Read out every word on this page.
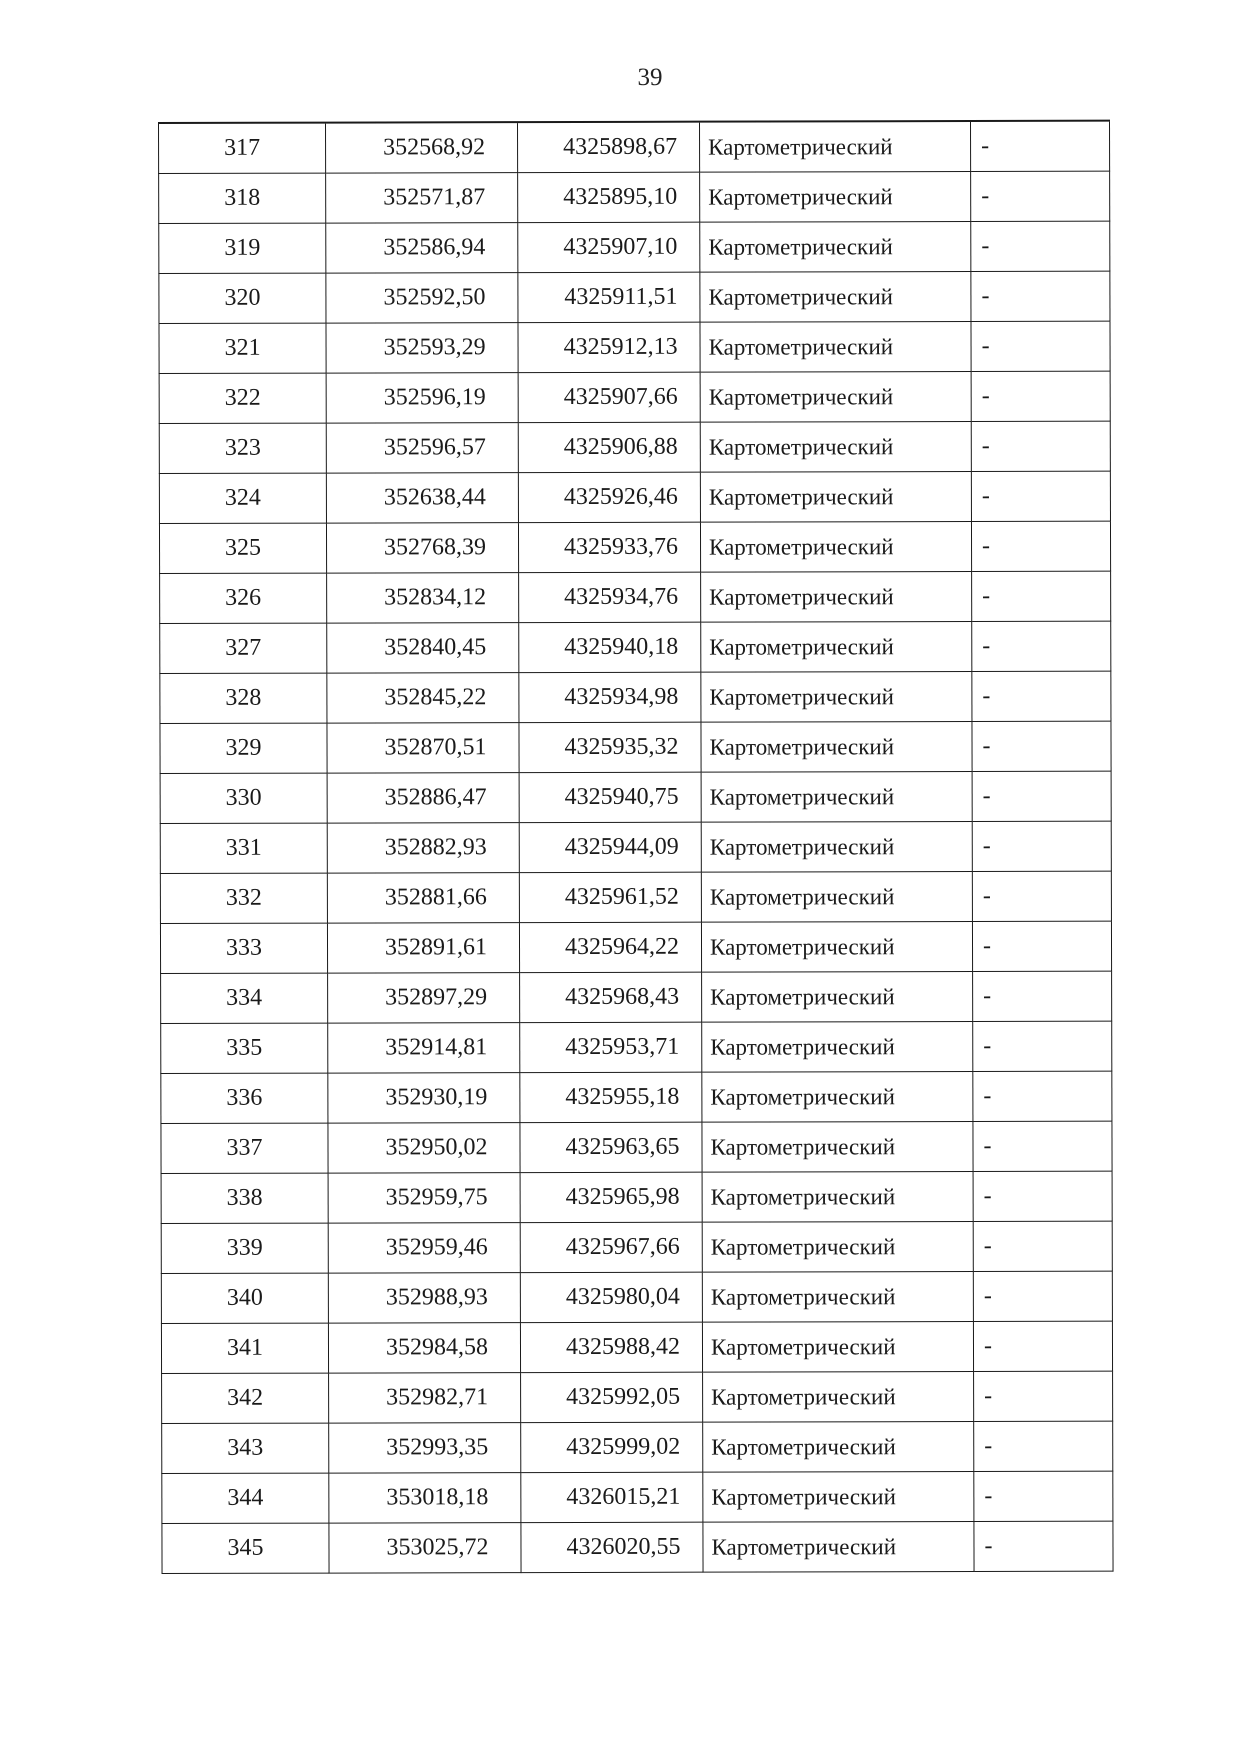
39
317	352568,92	4325898,67	Картометрический	-
318	352571,87	4325895,10	Картометрический	-
319	352586,94	4325907,10	Картометрический	-
320	352592,50	4325911,51	Картометрический	-
321	352593,29	4325912,13	Картометрический	-
322	352596,19	4325907,66	Картометрический	-
323	352596,57	4325906,88	Картометрический	-
324	352638,44	4325926,46	Картометрический	-
325	352768,39	4325933,76	Картометрический	-
326	352834,12	4325934,76	Картометрический	-
327	352840,45	4325940,18	Картометрический	-
328	352845,22	4325934,98	Картометрический	-
329	352870,51	4325935,32	Картометрический	-
330	352886,47	4325940,75	Картометрический	-
331	352882,93	4325944,09	Картометрический	-
332	352881,66	4325961,52	Картометрический	-
333	352891,61	4325964,22	Картометрический	-
334	352897,29	4325968,43	Картометрический	-
335	352914,81	4325953,71	Картометрический	-
336	352930,19	4325955,18	Картометрический	-
337	352950,02	4325963,65	Картометрический	-
338	352959,75	4325965,98	Картометрический	-
339	352959,46	4325967,66	Картометрический	-
340	352988,93	4325980,04	Картометрический	-
341	352984,58	4325988,42	Картометрический	-
342	352982,71	4325992,05	Картометрический	-
343	352993,35	4325999,02	Картометрический	-
344	353018,18	4326015,21	Картометрический	-
345	353025,72	4326020,55	Картометрический	-
